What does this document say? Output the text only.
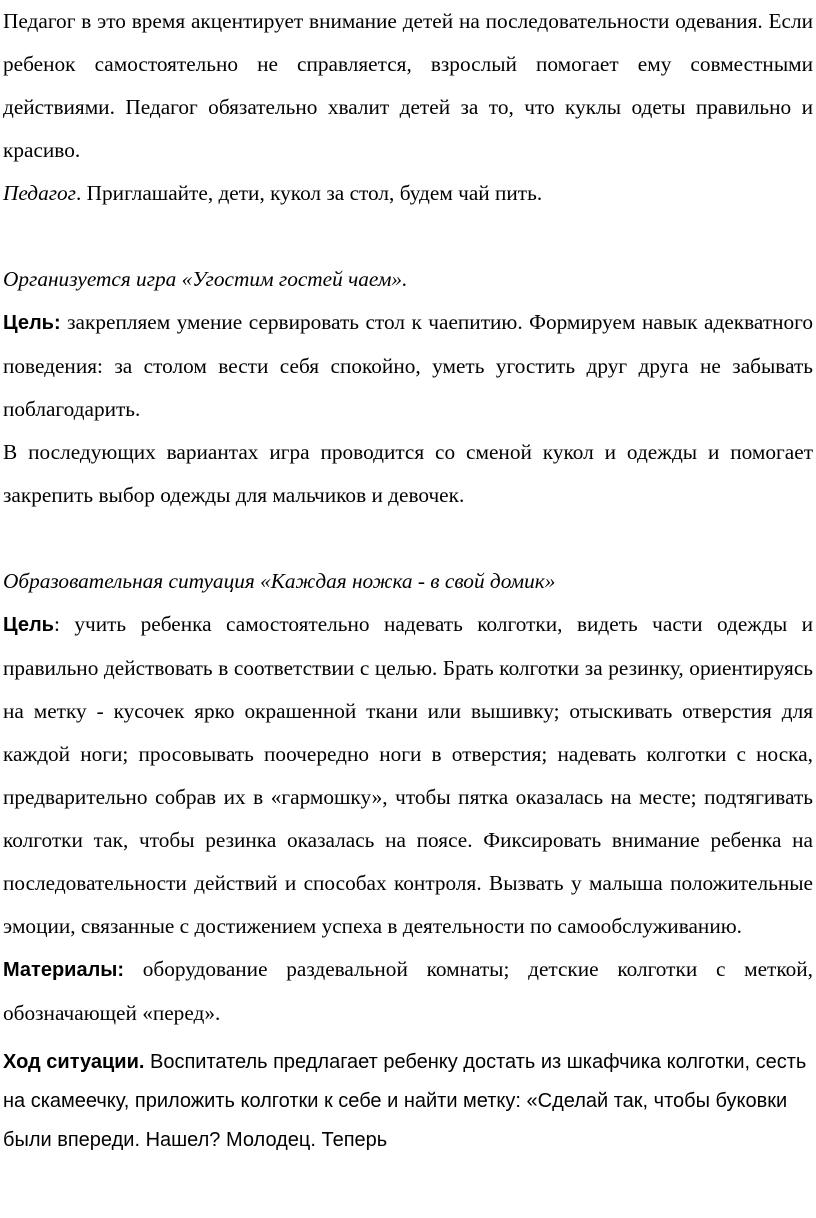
Педагог в это время акцентирует внимание детей на последовательности одевания. Если ребенок самостоятельно не справляется, взрослый помогает ему совместными действиями. Педагог обязательно хвалит детей за то, что куклы одеты правильно и красиво.

Педагог. Приглашайте, дети, кукол за стол, будем чай пить.

Организуется игра «Угостим гостей чаем».

Цель: закрепляем умение сервировать стол к чаепитию. Формируем навык адекватного поведения: за столом вести себя спокойно, уметь угостить друг друга не забывать поблагодарить.

В последующих вариантах игра проводится со сменой кукол и одежды и помогает закрепить выбор одежды для мальчиков и девочек.

Образовательная ситуация «Каждая ножка - в свой домик»

Цель: учить ребенка самостоятельно надевать колготки, видеть части одежды и правильно действовать в соответствии с целью. Брать колготки за резинку, ориентируясь на метку - кусочек ярко окрашенной ткани или вышивку; отыскивать отверстия для каждой ноги; просовывать поочередно ноги в отверстия; надевать колготки с носка, предварительно собрав их в «гармошку», чтобы пятка оказалась на месте; подтягивать колготки так, чтобы резинка оказалась на поясе. Фиксировать внимание ребенка на последовательности действий и способах контроля. Вызвать у малыша положительные эмоции, связанные с достижением успеха в деятельности по самообслуживанию.

Материалы: оборудование раздевальной комнаты; детские колготки с меткой, обозначающей «перед».

Ход ситуации. Воспитатель предлагает ребенку достать из шкафчика колготки, сесть на скамеечку, приложить колготки к себе и найти метку: «Сделай так, чтобы буковки были впереди. Нашел? Молодец. Теперь
